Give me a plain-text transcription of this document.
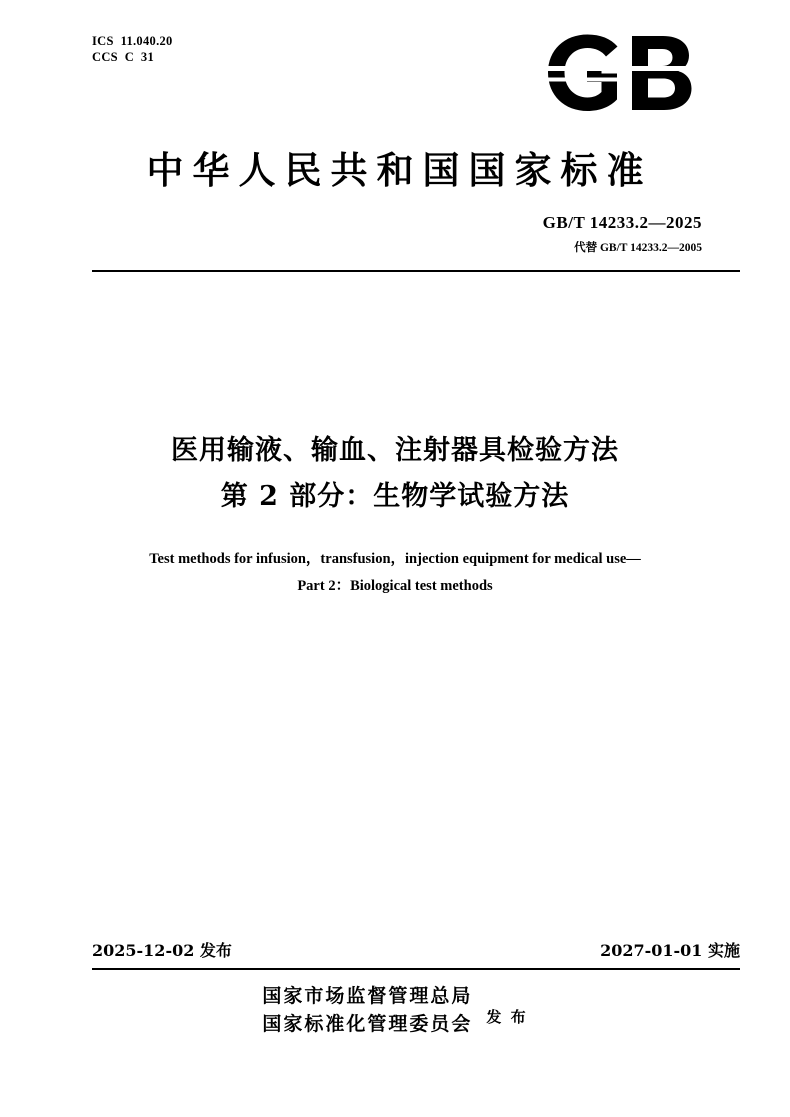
ICS  11.040.20
CCS  C  31
中华人民共和国国家标准
GB/T 14233.2—2025
代替 GB/T 14233.2—2005
医用输液、输血、注射器具检验方法
第 2 部分：生物学试验方法
Test methods for infusion，transfusion，injection equipment for medical use—
Part 2：Biological test methods
2025-12-02 发布	2027-01-01 实施
国家市场监督管理总局
国家标准化管理委员会 发 布
